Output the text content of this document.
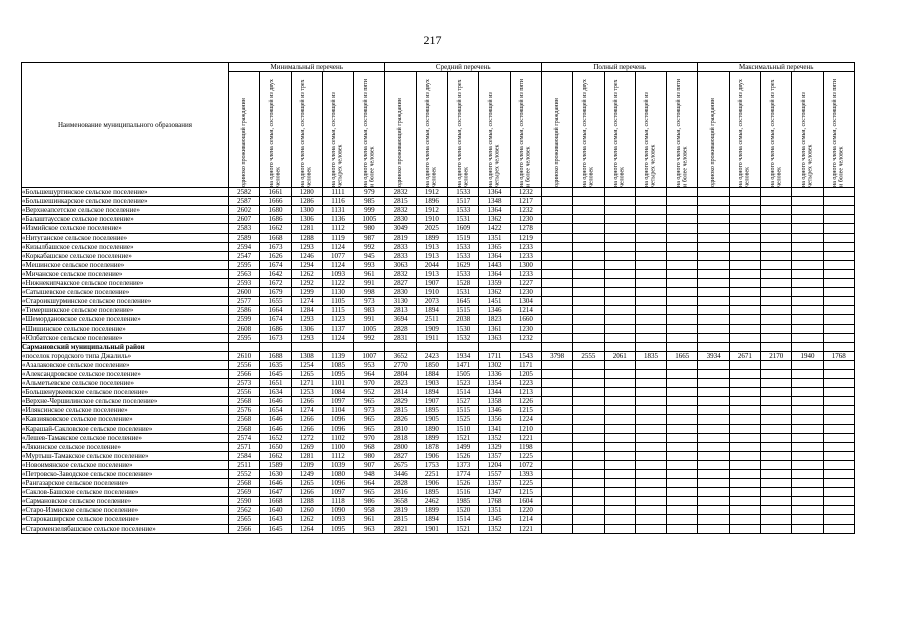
217
Наименование муниципального образования	Минимальный перечень					Средний перечень					Полный перечень					Максимальный перечень				

	одиноко проживающий гражданин	на одного члена семьи, состоящей из двух человек	на одного члена семьи, состоящей из трех человек	на одного члена семьи, состоящей из четырех человек	на одного члена семьи, состоящей из пяти и более человек	одиноко проживающий гражданин	на одного члена семьи, состоящей из двух человек	на одного члена семьи, состоящей из трех человек	на одного члена семьи, состоящей из четырех человек	на одного члена семьи, состоящей из пяти и более человек	одиноко проживающий гражданин	на одного члена семьи, состоящей из двух человек	на одного члена семьи, состоящей из трех человек	на одного члена семьи, состоящей из четырех человек	на одного члена семьи, состоящей из пяти и более человек	одиноко проживающий гражданин	на одного члена семьи, состоящей из двух человек	на одного члена семьи, состоящей из трех человек	на одного члена семьи, состоящей из четырех человек	на одного члена семьи, состоящей из пяти и более человек

«Большешуртинское сельское поселение»	2582	1661	1280	1111	979	2832	1912	1533	1364	1232										
«Большешинкарское сельское поселение»	2587	1666	1286	1116	985	2815	1896	1517	1348	1217										
«Верхнеапсетское сельское поселение»	2602	1680	1300	1131	999	2832	1912	1533	1364	1232										
«Балаштаусское сельское поселение»	2607	1686	1306	1136	1005	2830	1910	1531	1362	1230										
«Измийское сельское поселение»	2583	1662	1281	1112	980	3049	2025	1609	1422	1278										
«Нитуганское сельское поселение»	2589	1668	1288	1119	987	2819	1899	1519	1351	1219										
«Кизылбашское сельское поселение»	2594	1673	1293	1124	992	2833	1913	1533	1365	1233										
«Коркабашское сельское поселение»	2547	1626	1246	1077	945	2833	1913	1533	1364	1233										
«Мешинское сельское поселение»	2595	1674	1294	1124	993	3063	2044	1629	1443	1300										
«Мичанское сельское поселение»	2563	1642	1262	1093	961	2832	1913	1533	1364	1233										
«Нижнекипчакское сельское поселение»	2593	1672	1292	1122	991	2827	1907	1528	1359	1227										
«Сатышевское сельское поселение»	2600	1679	1299	1130	998	2830	1910	1531	1362	1230										
«Староикшурминское сельское поселение»	2577	1655	1274	1105	973	3130	2073	1645	1451	1304										
«Тимершикское сельское поселение»	2586	1664	1284	1115	983	2813	1894	1515	1346	1214										
«Шемордановское сельское поселение»	2599	1674	1293	1123	991	3694	2511	2038	1823	1660										
«Шишинское сельское поселение»	2608	1686	1306	1137	1005	2828	1909	1530	1361	1230										
«Юлбатское сельское поселение»	2595	1673	1293	1124	992	2831	1911	1532	1363	1232										
Сармановский муниципальный район																				
«поселок городского типа Джалиль»	2610	1688	1308	1139	1007	3652	2423	1934	1711	1543	3798	2555	2061	1835	1665	3934	2671	2170	1940	1768
«Азалаковское сельское поселение»	2556	1635	1254	1085	953	2770	1850	1471	1302	1171										
«Александровское сельское поселение»	2566	1645	1265	1095	964	2804	1884	1505	1336	1205										
«Альметьевское сельское поселение»	2573	1651	1271	1101	970	2823	1903	1523	1354	1223										
«Большенуркеевское сельское поселение»	2556	1634	1253	1084	952	2814	1894	1514	1344	1213										
«Верхне-Чершилинское сельское поселение»	2568	1646	1266	1097	965	2829	1907	1527	1358	1226										
«Иляксинское сельское поселение»	2576	1654	1274	1104	973	2815	1895	1515	1346	1215										
«Кавзияковское сельское поселение»	2568	1646	1266	1096	965	2826	1905	1525	1356	1224										
«Карашай-Сакловское сельское поселение»	2568	1646	1266	1096	965	2810	1890	1510	1341	1210										
«Лешев-Тамакское сельское поселение»	2574	1652	1272	1102	970	2818	1899	1521	1352	1221										
«Лякинское сельское поселение»	2571	1650	1269	1100	968	2800	1878	1499	1329	1198										
«Муртыш-Тамакское сельское поселение»	2584	1662	1281	1112	980	2827	1906	1526	1357	1225										
«Новоимянское сельское поселение»	2511	1589	1209	1039	907	2675	1753	1373	1204	1072										
«Петровско-Заводское сельское поселение»	2552	1630	1249	1080	948	3446	2251	1774	1557	1393										
«Рангазарское сельское поселение»	2568	1646	1265	1096	964	2828	1906	1526	1357	1225										
«Саклов-Башское сельское поселение»	2569	1647	1266	1097	965	2816	1895	1516	1347	1215										
«Сармановское сельское поселение»	2590	1668	1288	1118	986	3658	2462	1985	1768	1604										
«Старо-Измиское сельское поселение»	2562	1640	1260	1090	958	2819	1899	1520	1351	1220										
«Старокаширское сельское поселение»	2565	1643	1262	1093	961	2815	1894	1514	1345	1214										
«Старомензелябашское сельское поселение»	2566	1645	1264	1095	963	2821	1901	1521	1352	1221										
